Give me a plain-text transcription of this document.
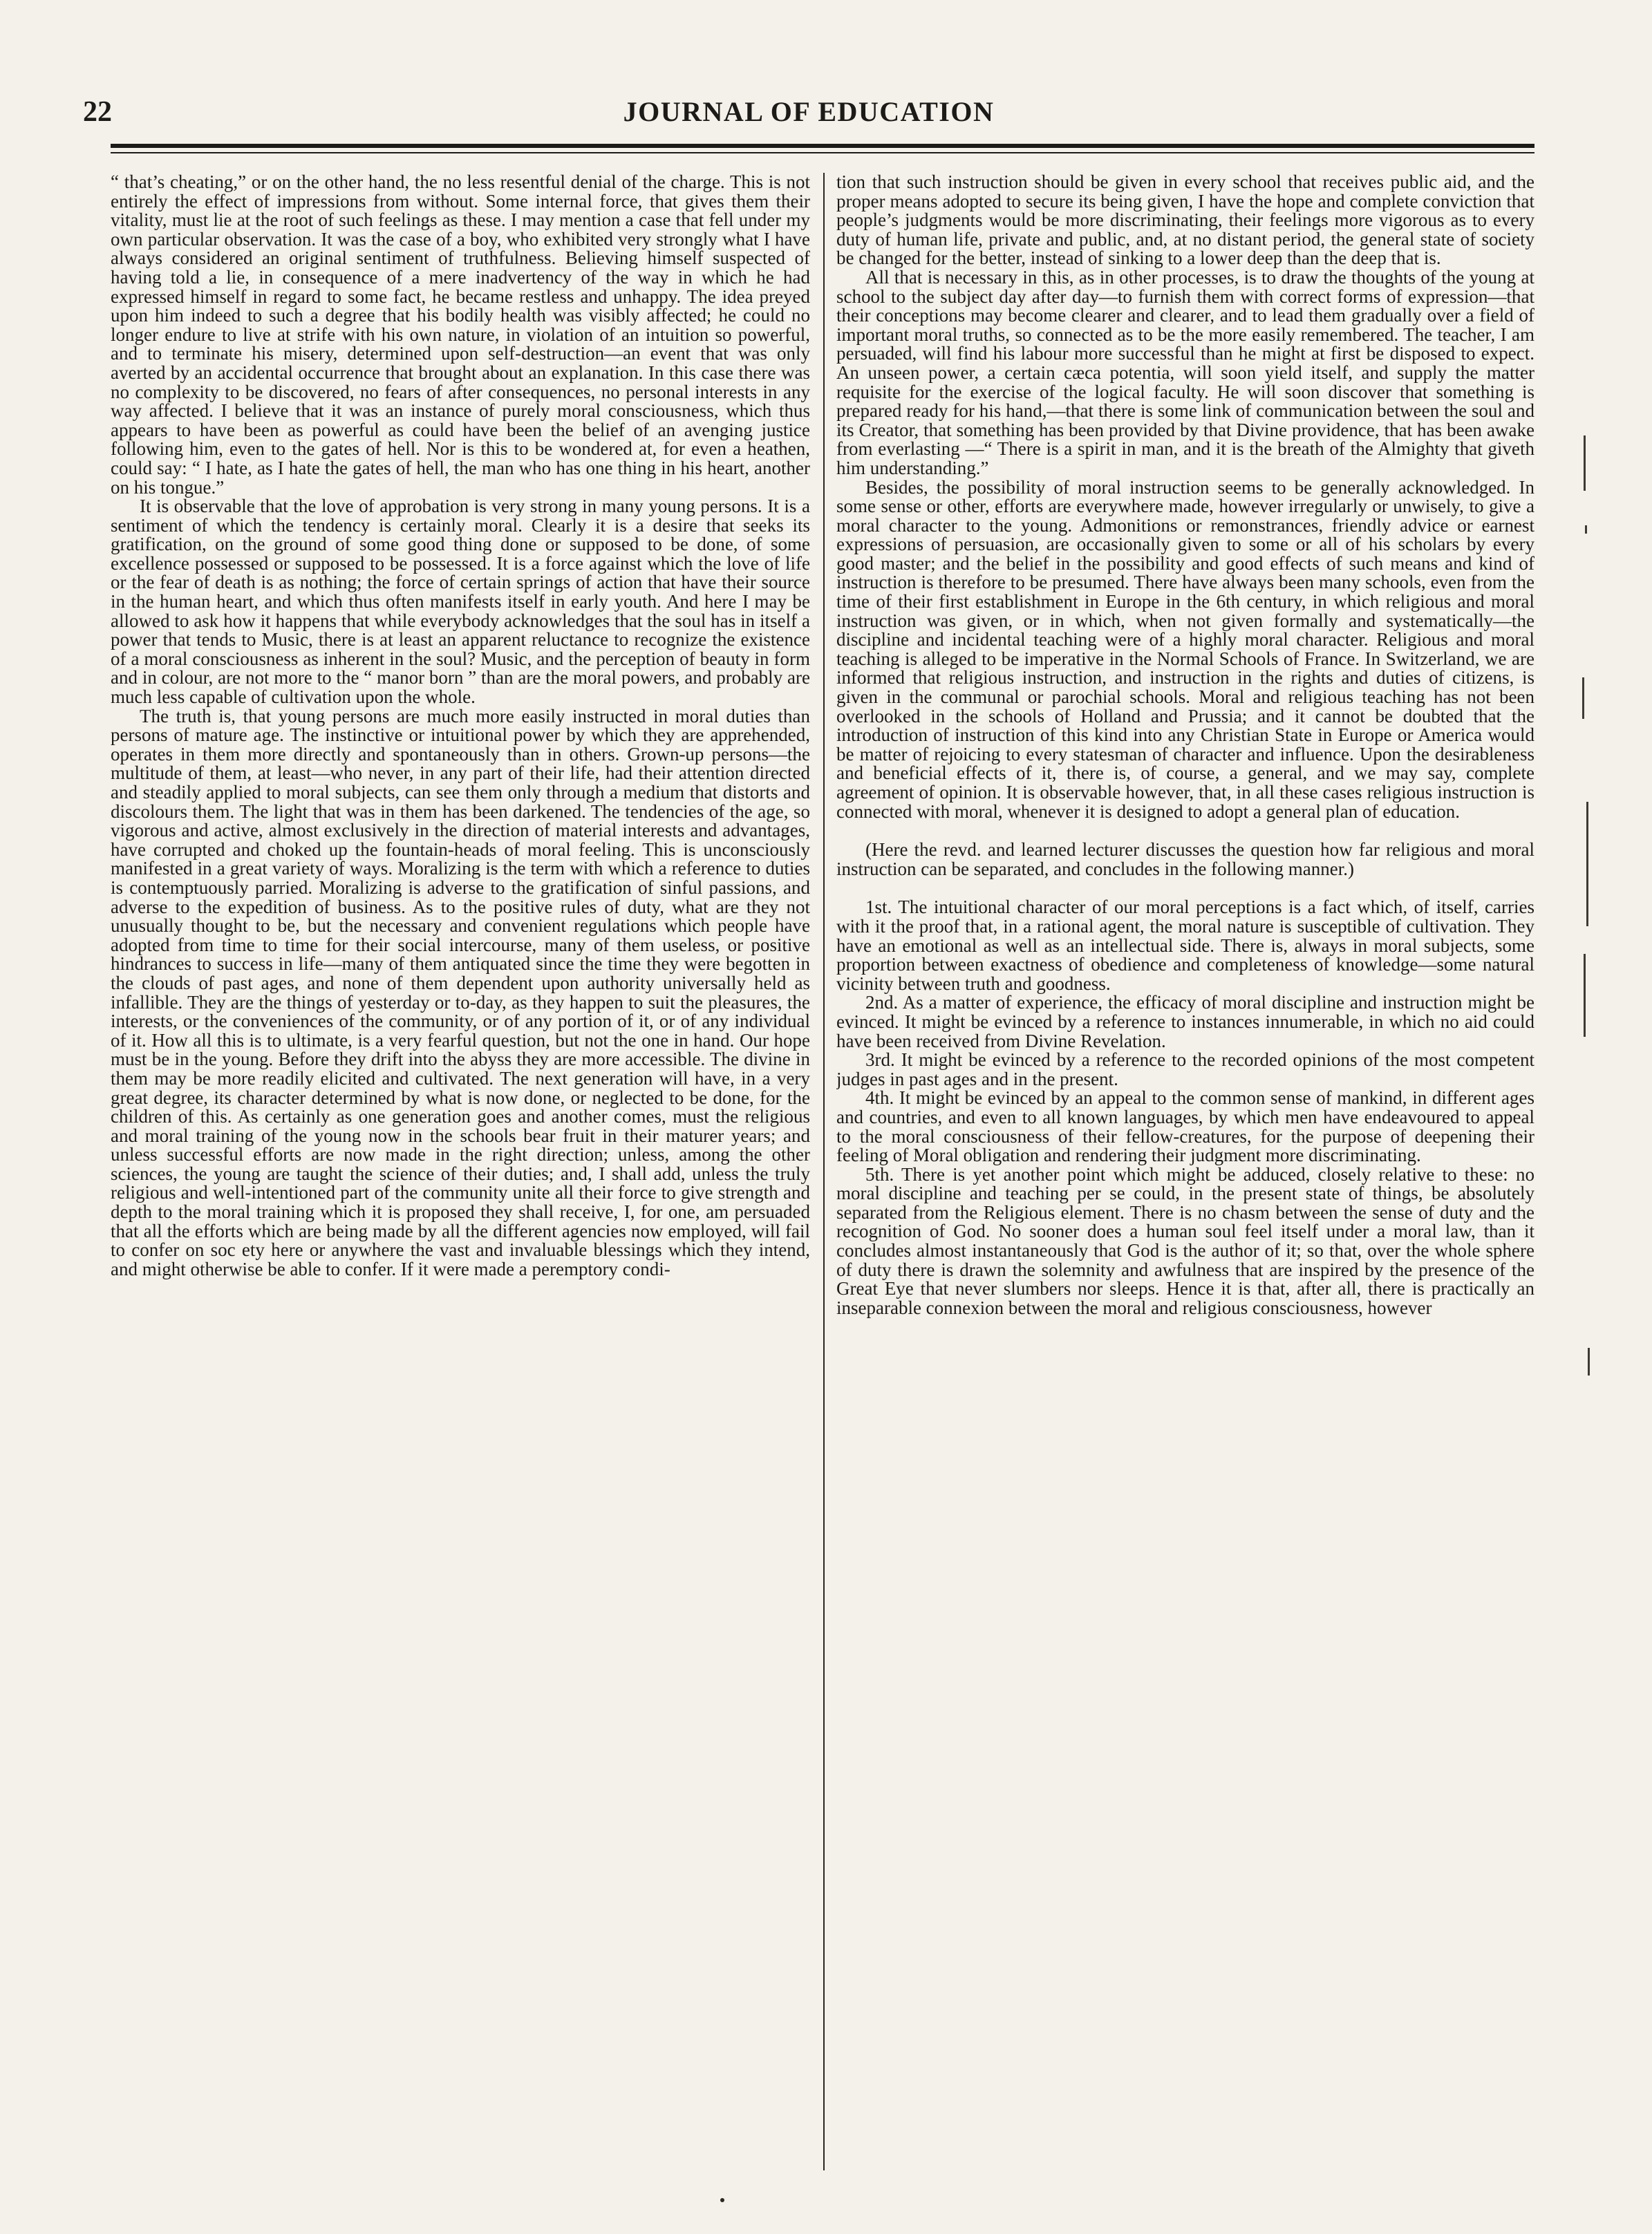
22	JOURNAL OF EDUCATION

“ that’s cheating,” or on the other hand, the no less resentful denial of the charge. This is not entirely the effect of impressions from without. Some internal force, that gives them their vitality, must lie at the root of such feelings as these. I may mention a case that fell under my own particular observation. It was the case of a boy, who exhibited very strongly what I have always considered an original sentiment of truthfulness. Believing himself suspected of having told a lie, in consequence of a mere inadvertency of the way in which he had expressed himself in regard to some fact, he became restless and unhappy. The idea preyed upon him indeed to such a degree that his bodily health was visibly affected; he could no longer endure to live at strife with his own nature, in violation of an intuition so powerful, and to terminate his misery, determined upon self-destruction—an event that was only averted by an accidental occurrence that brought about an explanation. In this case there was no complexity to be discovered, no fears of after consequences, no personal interests in any way affected. I believe that it was an instance of purely moral consciousness, which thus appears to have been as powerful as could have been the belief of an avenging justice following him, even to the gates of hell. Nor is this to be wondered at, for even a heathen, could say: “ I hate, as I hate the gates of hell, the man who has one thing in his heart, another on his tongue.”

It is observable that the love of approbation is very strong in many young persons. It is a sentiment of which the tendency is certainly moral. Clearly it is a desire that seeks its gratification, on the ground of some good thing done or supposed to be done, of some excellence possessed or supposed to be possessed. It is a force against which the love of life or the fear of death is as nothing; the force of certain springs of action that have their source in the human heart, and which thus often manifests itself in early youth. And here I may be allowed to ask how it happens that while everybody acknowledges that the soul has in itself a power that tends to Music, there is at least an apparent reluctance to recognize the existence of a moral consciousness as inherent in the soul? Music, and the perception of beauty in form and in colour, are not more to the “ manor born ” than are the moral powers, and probably are much less capable of cultivation upon the whole.

The truth is, that young persons are much more easily instructed in moral duties than persons of mature age. The instinctive or intuitional power by which they are apprehended, operates in them more directly and spontaneously than in others. Grown-up persons—the multitude of them, at least—who never, in any part of their life, had their attention directed and steadily applied to moral subjects, can see them only through a medium that distorts and discolours them. The light that was in them has been darkened. The tendencies of the age, so vigorous and active, almost exclusively in the direction of material interests and advantages, have corrupted and choked up the fountain-heads of moral feeling. This is unconsciously manifested in a great variety of ways. Moralizing is the term with which a reference to duties is contemptuously parried. Moralizing is adverse to the gratification of sinful passions, and adverse to the expedition of business. As to the positive rules of duty, what are they not unusually thought to be, but the necessary and convenient regulations which people have adopted from time to time for their social intercourse, many of them useless, or positive hindrances to success in life—many of them antiquated since the time they were begotten in the clouds of past ages, and none of them dependent upon authority universally held as infallible. They are the things of yesterday or to-day, as they happen to suit the pleasures, the interests, or the conveniences of the community, or of any portion of it, or of any individual of it. How all this is to ultimate, is a very fearful question, but not the one in hand. Our hope must be in the young. Before they drift into the abyss they are more accessible. The divine in them may be more readily elicited and cultivated. The next generation will have, in a very great degree, its character determined by what is now done, or neglected to be done, for the children of this. As certainly as one generation goes and another comes, must the religious and moral training of the young now in the schools bear fruit in their maturer years; and unless successful efforts are now made in the right direction; unless, among the other sciences, the young are taught the science of their duties; and, I shall add, unless the truly religious and well-intentioned part of the community unite all their force to give strength and depth to the moral training which it is proposed they shall receive, I, for one, am persuaded that all the efforts which are being made by all the different agencies now employed, will fail to confer on soc ety here or anywhere the vast and invaluable blessings which they intend, and might otherwise be able to confer. If it were made a peremptory condi-

tion that such instruction should be given in every school that receives public aid, and the proper means adopted to secure its being given, I have the hope and complete conviction that people’s judgments would be more discriminating, their feelings more vigorous as to every duty of human life, private and public, and, at no distant period, the general state of society be changed for the better, instead of sinking to a lower deep than the deep that is.

All that is necessary in this, as in other processes, is to draw the thoughts of the young at school to the subject day after day—to furnish them with correct forms of expression—that their conceptions may become clearer and clearer, and to lead them gradually over a field of important moral truths, so connected as to be the more easily remembered. The teacher, I am persuaded, will find his labour more successful than he might at first be disposed to expect. An unseen power, a certain cæca potentia, will soon yield itself, and supply the matter requisite for the exercise of the logical faculty. He will soon discover that something is prepared ready for his hand,—that there is some link of communication between the soul and its Creator, that something has been provided by that Divine providence, that has been awake from everlasting —“ There is a spirit in man, and it is the breath of the Almighty that giveth him understanding.”

Besides, the possibility of moral instruction seems to be generally acknowledged. In some sense or other, efforts are everywhere made, however irregularly or unwisely, to give a moral character to the young. Admonitions or remonstrances, friendly advice or earnest expressions of persuasion, are occasionally given to some or all of his scholars by every good master; and the belief in the possibility and good effects of such means and kind of instruction is therefore to be presumed. There have always been many schools, even from the time of their first establishment in Europe in the 6th century, in which religious and moral instruction was given, or in which, when not given formally and systematically—the discipline and incidental teaching were of a highly moral character. Religious and moral teaching is alleged to be imperative in the Normal Schools of France. In Switzerland, we are informed that religious instruction, and instruction in the rights and duties of citizens, is given in the communal or parochial schools. Moral and religious teaching has not been overlooked in the schools of Holland and Prussia; and it cannot be doubted that the introduction of instruction of this kind into any Christian State in Europe or America would be matter of rejoicing to every statesman of character and influence. Upon the desirableness and beneficial effects of it, there is, of course, a general, and we may say, complete agreement of opinion. It is observable however, that, in all these cases religious instruction is connected with moral, whenever it is designed to adopt a general plan of education.

(Here the revd. and learned lecturer discusses the question how far religious and moral instruction can be separated, and concludes in the following manner.)

1st. The intuitional character of our moral perceptions is a fact which, of itself, carries with it the proof that, in a rational agent, the moral nature is susceptible of cultivation. They have an emotional as well as an intellectual side. There is, always in moral subjects, some proportion between exactness of obedience and completeness of knowledge—some natural vicinity between truth and goodness.

2nd. As a matter of experience, the efficacy of moral discipline and instruction might be evinced. It might be evinced by a reference to instances innumerable, in which no aid could have been received from Divine Revelation.

3rd. It might be evinced by a reference to the recorded opinions of the most competent judges in past ages and in the present.

4th. It might be evinced by an appeal to the common sense of mankind, in different ages and countries, and even to all known languages, by which men have endeavoured to appeal to the moral consciousness of their fellow-creatures, for the purpose of deepening their feeling of Moral obligation and rendering their judgment more discriminating.

5th. There is yet another point which might be adduced, closely relative to these: no moral discipline and teaching per se could, in the present state of things, be absolutely separated from the Religious element. There is no chasm between the sense of duty and the recognition of God. No sooner does a human soul feel itself under a moral law, than it concludes almost instantaneously that God is the author of it; so that, over the whole sphere of duty there is drawn the solemnity and awfulness that are inspired by the presence of the Great Eye that never slumbers nor sleeps. Hence it is that, after all, there is practically an inseparable connexion between the moral and religious consciousness, however
